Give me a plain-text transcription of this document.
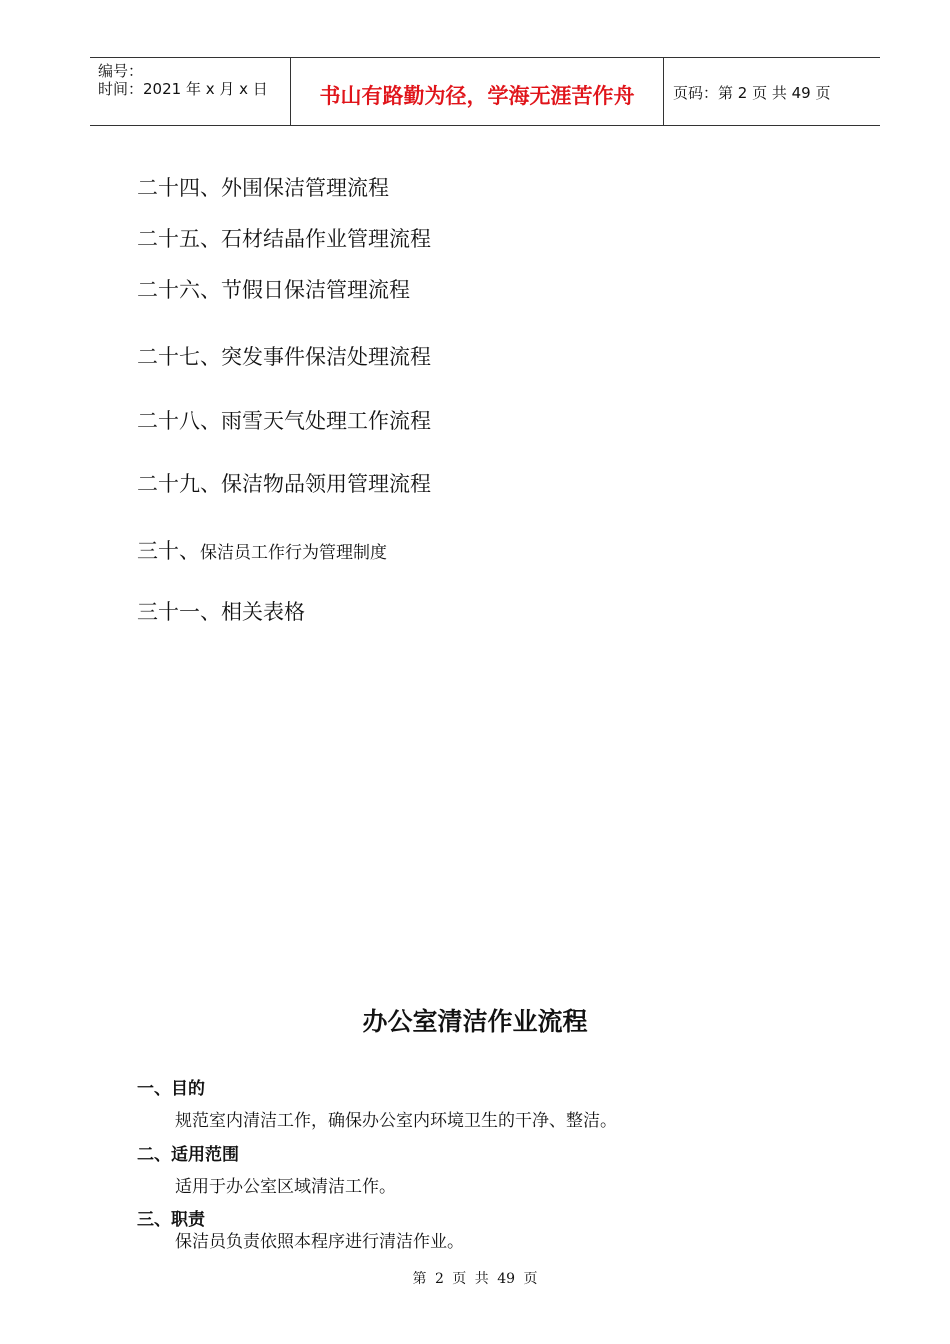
编号：
时间：2021 年 x 月 x 日	书山有路勤为径，学海无涯苦作舟	页码：第 2 页 共 49 页
二十四、外围保洁管理流程
二十五、石材结晶作业管理流程
二十六、节假日保洁管理流程
二十七、突发事件保洁处理流程
二十八、雨雪天气处理工作流程
二十九、保洁物品领用管理流程
三十、保洁员工作行为管理制度
三十一、相关表格
办公室清洁作业流程
一、目的
规范室内清洁工作，确保办公室内环境卫生的干净、整洁。
二、适用范围
适用于办公室区域清洁工作。
三、职责
保洁员负责依照本程序进行清洁作业。
第 2 页 共 49 页
